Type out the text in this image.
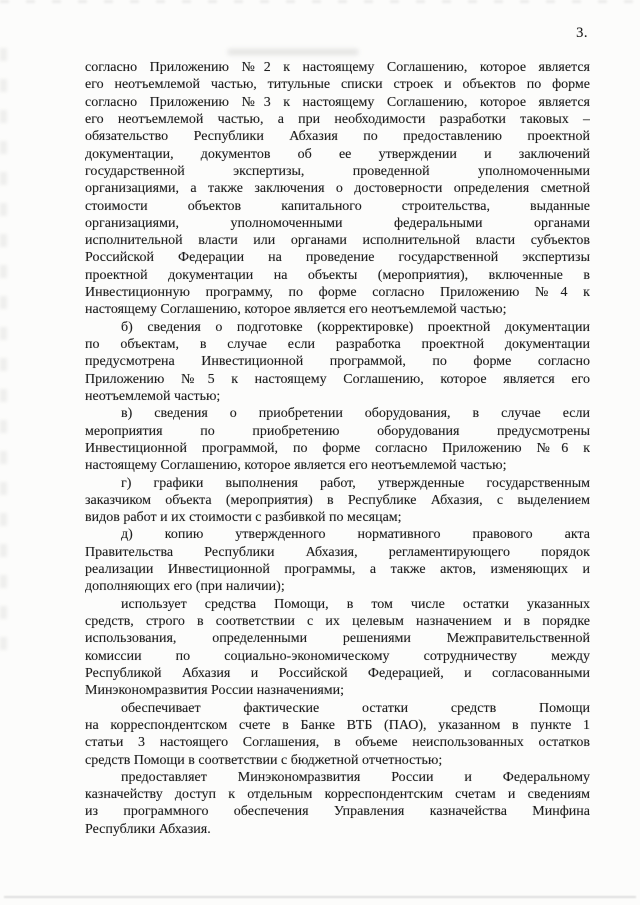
3.
согласно Приложению №2 к настоящему Соглашению, которое является
его неотъемлемой частью, титульные списки строек и объектов по форме
согласно Приложению №3 к настоящему Соглашению, которое является
его неотъемлемой частью, а при необходимости разработки таковых –
обязательство Республики Абхазия по предоставлению проектной
документации, документов об ее утверждении и заключений
государственной экспертизы, проведенной уполномоченными
организациями, а также заключения о достоверности определения сметной
стоимости объектов капитального строительства, выданные
организациями, уполномоченными федеральными органами
исполнительной власти или органами исполнительной власти субъектов
Российской Федерации на проведение государственной экспертизы
проектной документации на объекты (мероприятия), включенные в
Инвестиционную программу, по форме согласно Приложению №4 к
настоящему Соглашению, которое является его неотъемлемой частью;
б) сведения о подготовке (корректировке) проектной документации
по объектам, в случае если разработка проектной документации
предусмотрена Инвестиционной программой, по форме согласно
Приложению №5 к настоящему Соглашению, которое является его
неотъемлемой частью;
в) сведения о приобретении оборудования, в случае если
мероприятия по приобретению оборудования предусмотрены
Инвестиционной программой, по форме согласно Приложению №6 к
настоящему Соглашению, которое является его неотъемлемой частью;
г) графики выполнения работ, утвержденные государственным
заказчиком объекта (мероприятия) в Республике Абхазия, с выделением
видов работ и их стоимости с разбивкой по месяцам;
д) копию утвержденного нормативного правового акта
Правительства Республики Абхазия, регламентирующего порядок
реализации Инвестиционной программы, а также актов, изменяющих и
дополняющих его (при наличии);
использует средства Помощи, в том числе остатки указанных
средств, строго в соответствии с их целевым назначением и в порядке
использования, определенными решениями Межправительственной
комиссии по социально-экономическому сотрудничеству между
Республикой Абхазия и Российской Федерацией, и согласованными
Минэкономразвития России назначениями;
обеспечивает фактические остатки средств Помощи
на корреспондентском счете в Банке ВТБ (ПАО), указанном в пункте 1
статьи 3 настоящего Соглашения, в объеме неиспользованных остатков
средств Помощи в соответствии с бюджетной отчетностью;
предоставляет Минэкономразвития России и Федеральному
казначейству доступ к отдельным корреспондентским счетам и сведениям
из программного обеспечения Управления казначейства Минфина
Республики Абхазия.
